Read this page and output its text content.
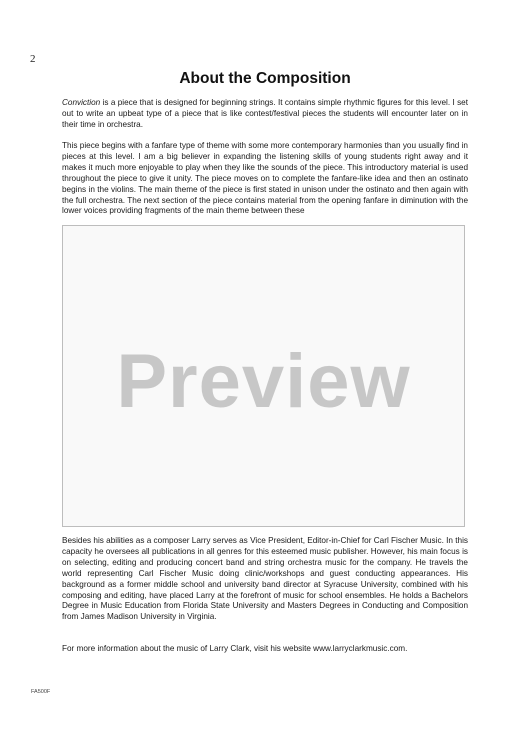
2
About the Composition

Conviction is a piece that is designed for beginning strings. It contains simple rhythmic figures for this level. I set out to write an upbeat type of a piece that is like contest/festival pieces the students will encounter later on in their time in orchestra.

This piece begins with a fanfare type of theme with some more contemporary harmonies than you usually find in pieces at this level. I am a big believer in expanding the listening skills of young students right away and it makes it much more enjoyable to play when they like the sounds of the piece. This introductory material is used throughout the piece to give it unity. The piece moves on to complete the fanfare-like idea and then an ostinato begins in the violins. The main theme of the piece is first stated in unison under the ostinato and then again with the full orchestra. The next section of the piece contains material from the opening fanfare in diminution with the lower voices providing fragments of the main theme between these

Preview

Besides his abilities as a composer Larry serves as Vice President, Editor-in-Chief for Carl Fischer Music. In this capacity he oversees all publications in all genres for this esteemed music publisher. However, his main focus is on selecting, editing and producing concert band and string orchestra music for the company. He travels the world representing Carl Fischer Music doing clinic/workshops and guest conducting appearances. His background as a former middle school and university band director at Syracuse University, combined with his composing and editing, have placed Larry at the forefront of music for school ensembles. He holds a Bachelors Degree in Music Education from Florida State University and Masters Degrees in Conducting and Composition from James Madison University in Virginia.

For more information about the music of Larry Clark, visit his website www.larryclarkmusic.com.

FA500F
